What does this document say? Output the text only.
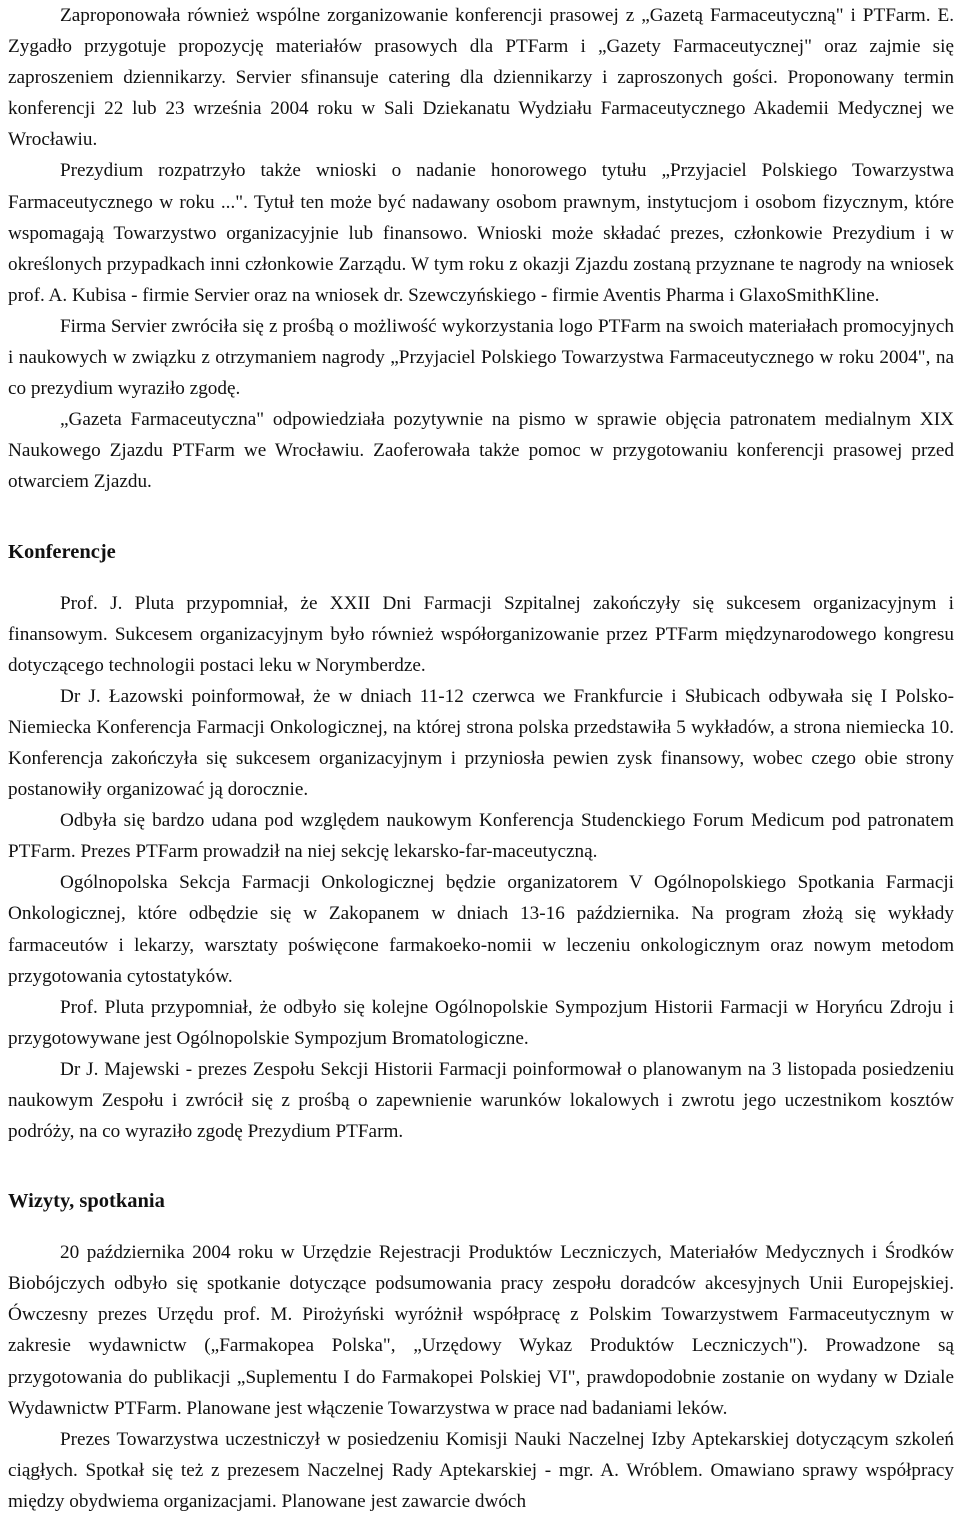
Zaproponowała również wspólne zorganizowanie konferencji prasowej z „Gazetą Farmaceutyczną" i PTFarm. E. Zygadło przygotuje propozycję materiałów prasowych dla PTFarm i „Gazety Farmaceutycznej" oraz zajmie się zaproszeniem dziennikarzy. Servier sfinansuje catering dla dziennikarzy i zaproszonych gości. Proponowany termin konferencji 22 lub 23 września 2004 roku w Sali Dziekanatu Wydziału Farmaceutycznego Akademii Medycznej we Wrocławiu.

Prezydium rozpatrzyło także wnioski o nadanie honorowego tytułu „Przyjaciel Polskiego Towarzystwa Farmaceutycznego w roku ...". Tytuł ten może być nadawany osobom prawnym, instytucjom i osobom fizycznym, które wspomagają Towarzystwo organizacyjnie lub finansowo. Wnioski może składać prezes, członkowie Prezydium i w określonych przypadkach inni członkowie Zarządu. W tym roku z okazji Zjazdu zostaną przyznane te nagrody na wniosek prof. A. Kubisa - firmie Servier oraz na wniosek dr. Szewczyńskiego - firmie Aventis Pharma i GlaxoSmithKline.

Firma Servier zwróciła się z prośbą o możliwość wykorzystania logo PTFarm na swoich materiałach promocyjnych i naukowych w związku z otrzymaniem nagrody „Przyjaciel Polskiego Towarzystwa Farmaceutycznego w roku 2004", na co prezydium wyraziło zgodę.

„Gazeta Farmaceutyczna" odpowiedziała pozytywnie na pismo w sprawie objęcia patronatem medialnym XIX Naukowego Zjazdu PTFarm we Wrocławiu. Zaoferowała także pomoc w przygotowaniu konferencji prasowej przed otwarciem Zjazdu.

Konferencje

Prof. J. Pluta przypomniał, że XXII Dni Farmacji Szpitalnej zakończyły się sukcesem organizacyjnym i finansowym. Sukcesem organizacyjnym było również współorganizowanie przez PTFarm międzynarodowego kongresu dotyczącego technologii postaci leku w Norymberdze.

Dr J. Łazowski poinformował, że w dniach 11-12 czerwca we Frankfurcie i Słubicach odbywała się I Polsko-Niemiecka Konferencja Farmacji Onkologicznej, na której strona polska przedstawiła 5 wykładów, a strona niemiecka 10. Konferencja zakończyła się sukcesem organizacyjnym i przyniosła pewien zysk finansowy, wobec czego obie strony postanowiły organizować ją dorocznie.

Odbyła się bardzo udana pod względem naukowym Konferencja Studenckiego Forum Medicum pod patronatem PTFarm. Prezes PTFarm prowadził na niej sekcję lekarsko-far-maceutyczną.

Ogólnopolska Sekcja Farmacji Onkologicznej będzie organizatorem V Ogólnopolskiego Spotkania Farmacji Onkologicznej, które odbędzie się w Zakopanem w dniach 13-16 października. Na program złożą się wykłady farmaceutów i lekarzy, warsztaty poświęcone farmakoeko-nomii w leczeniu onkologicznym oraz nowym metodom przygotowania cytostatyków.

Prof. Pluta przypomniał, że odbyło się kolejne Ogólnopolskie Sympozjum Historii Farmacji w Horyńcu Zdroju i przygotowywane jest Ogólnopolskie Sympozjum Bromatologiczne.

Dr J. Majewski - prezes Zespołu Sekcji Historii Farmacji poinformował o planowanym na 3 listopada posiedzeniu naukowym Zespołu i zwrócił się z prośbą o zapewnienie warunków lokalowych i zwrotu jego uczestnikom kosztów podróży, na co wyraziło zgodę Prezydium PTFarm.

Wizyty, spotkania

20 października 2004 roku w Urzędzie Rejestracji Produktów Leczniczych, Materiałów Medycznych i Środków Biobójczych odbyło się spotkanie dotyczące podsumowania pracy zespołu doradców akcesyjnych Unii Europejskiej. Ówczesny prezes Urzędu prof. M. Pirożyński wyróżnił współpracę z Polskim Towarzystwem Farmaceutycznym w zakresie wydawnictw („Farmakopea Polska", „Urzędowy Wykaz Produktów Leczniczych"). Prowadzone są przygotowania do publikacji „Suplementu I do Farmakopei Polskiej VI", prawdopodobnie zostanie on wydany w Dziale Wydawnictw PTFarm. Planowane jest włączenie Towarzystwa w prace nad badaniami leków.

Prezes Towarzystwa uczestniczył w posiedzeniu Komisji Nauki Naczelnej Izby Aptekarskiej dotyczącym szkoleń ciągłych. Spotkał się też z prezesem Naczelnej Rady Aptekarskiej - mgr. A. Wróblem. Omawiano sprawy współpracy między obydwiema organizacjami. Planowane jest zawarcie dwóch
